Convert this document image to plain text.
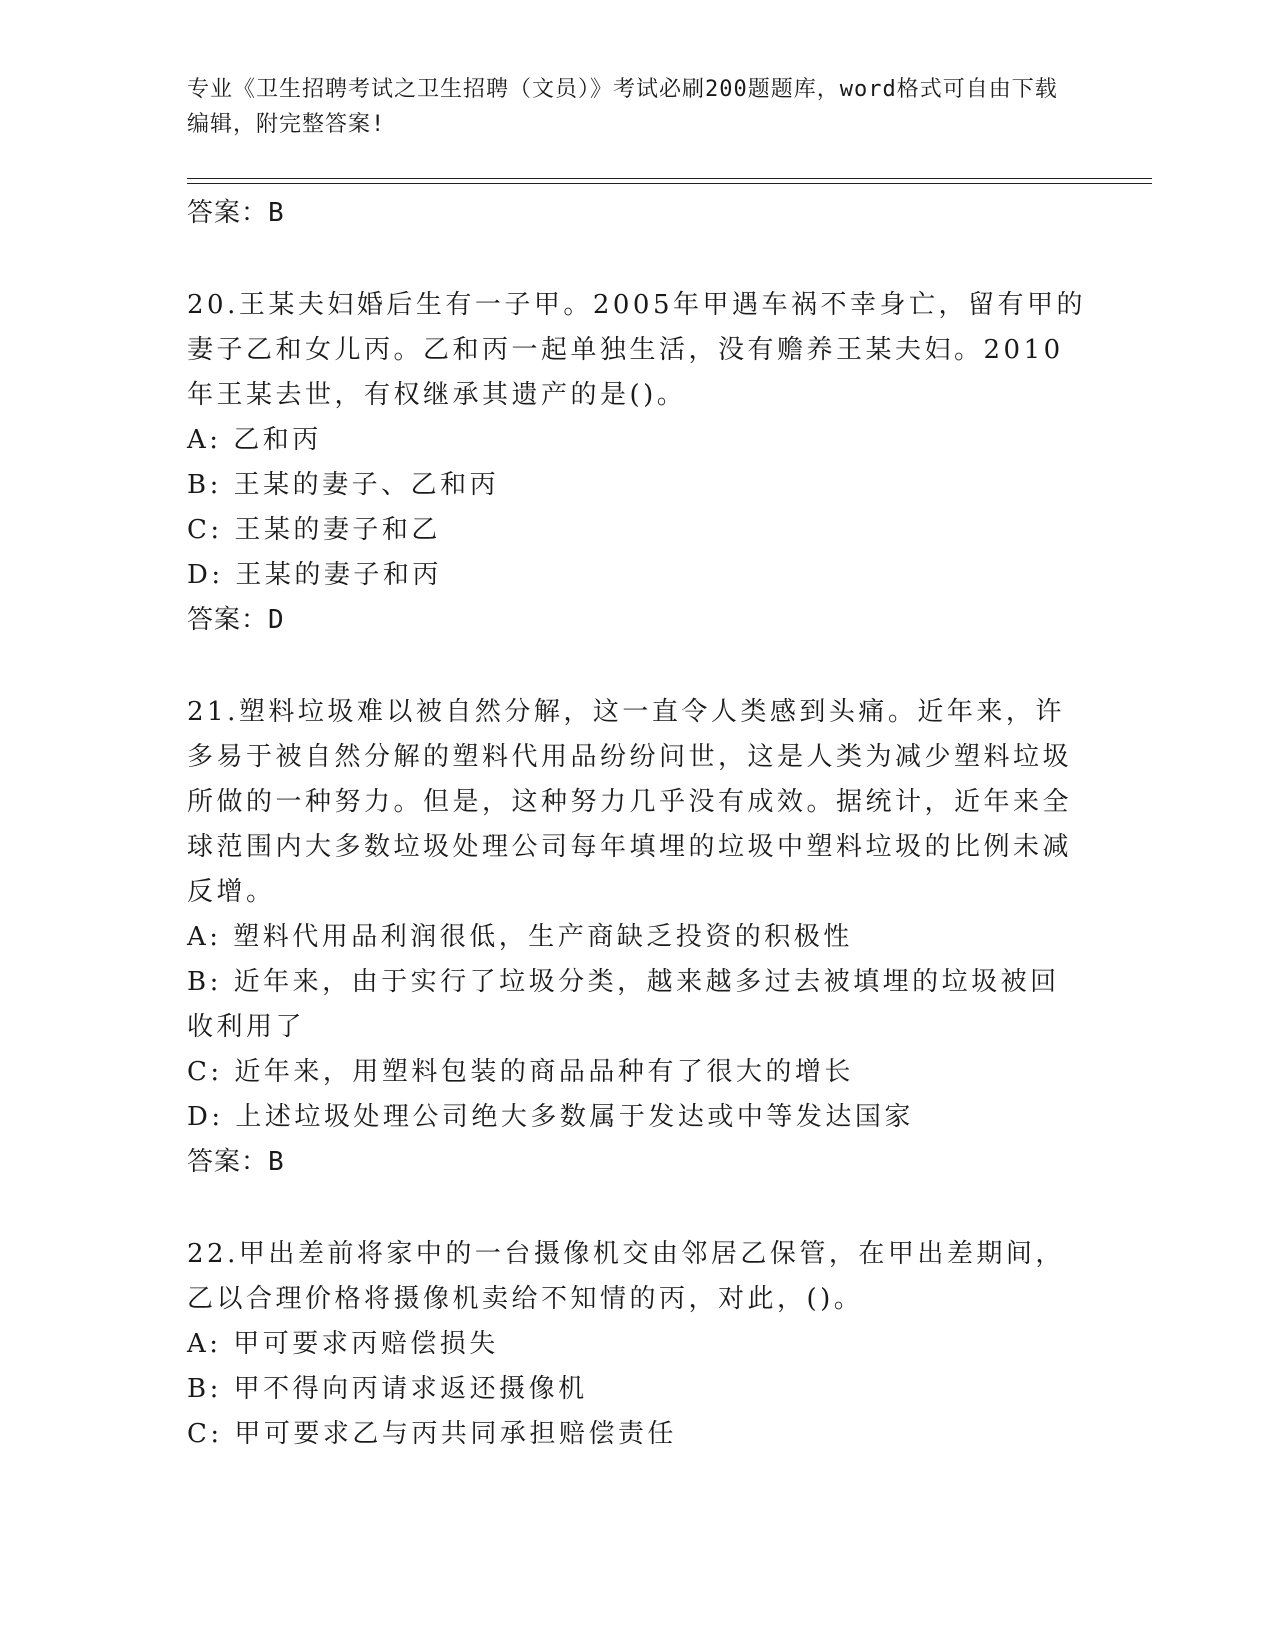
专业《卫生招聘考试之卫生招聘（文员）》考试必刷200题题库，word格式可自由下载编辑，附完整答案!

答案：B

20.王某夫妇婚后生有一子甲。2005年甲遇车祸不幸身亡，留有甲的妻子乙和女儿丙。乙和丙一起单独生活，没有赡养王某夫妇。2010年王某去世，有权继承其遗产的是()。

A: 乙和丙

B: 王某的妻子、乙和丙

C: 王某的妻子和乙

D: 王某的妻子和丙

答案：D

21.塑料垃圾难以被自然分解，这一直令人类感到头痛。近年来，许多易于被自然分解的塑料代用品纷纷问世，这是人类为减少塑料垃圾所做的一种努力。但是，这种努力几乎没有成效。据统计，近年来全球范围内大多数垃圾处理公司每年填埋的垃圾中塑料垃圾的比例未减反增。

A: 塑料代用品利润很低，生产商缺乏投资的积极性

B: 近年来，由于实行了垃圾分类，越来越多过去被填埋的垃圾被回收利用了

C: 近年来，用塑料包装的商品品种有了很大的增长

D: 上述垃圾处理公司绝大多数属于发达或中等发达国家

答案：B

22.甲出差前将家中的一台摄像机交由邻居乙保管，在甲出差期间，乙以合理价格将摄像机卖给不知情的丙，对此，()。

A: 甲可要求丙赔偿损失

B: 甲不得向丙请求返还摄像机

C: 甲可要求乙与丙共同承担赔偿责任
